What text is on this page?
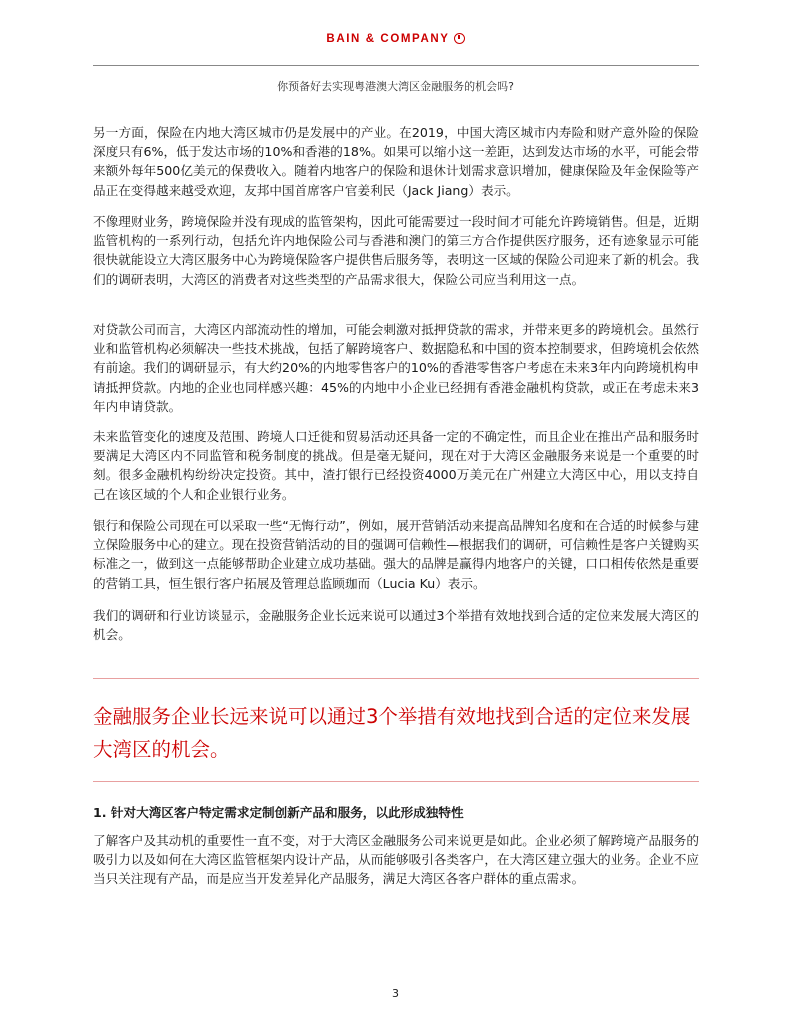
BAIN & COMPANY
你预备好去实现粤港澳大湾区金融服务的机会吗?

另一方面，保险在内地大湾区城市仍是发展中的产业。在2019，中国大湾区城市内寿险和财产意外险的保险深度只有6%，低于发达市场的10%和香港的18%。如果可以缩小这一差距，达到发达市场的水平，可能会带来额外每年500亿美元的保费收入。随着内地客户的保险和退休计划需求意识增加，健康保险及年金保险等产品正在变得越来越受欢迎，友邦中国首席客户官姜利民（Jack Jiang）表示。

不像理财业务，跨境保险并没有现成的监管架构，因此可能需要过一段时间才可能允许跨境销售。但是，近期监管机构的一系列行动，包括允许内地保险公司与香港和澳门的第三方合作提供医疗服务，还有迹象显示可能很快就能设立大湾区服务中心为跨境保险客户提供售后服务等，表明这一区域的保险公司迎来了新的机会。我们的调研表明，大湾区的消费者对这些类型的产品需求很大，保险公司应当利用这一点。

对贷款公司而言，大湾区内部流动性的增加，可能会刺激对抵押贷款的需求，并带来更多的跨境机会。虽然行业和监管机构必须解决一些技术挑战，包括了解跨境客户、数据隐私和中国的资本控制要求，但跨境机会依然有前途。我们的调研显示，有大约20%的内地零售客户的10%的香港零售客户考虑在未来3年内向跨境机构申请抵押贷款。内地的企业也同样感兴趣：45%的内地中小企业已经拥有香港金融机构贷款，或正在考虑未来3年内申请贷款。

未来监管变化的速度及范围、跨境人口迁徙和贸易活动还具备一定的不确定性，而且企业在推出产品和服务时要满足大湾区内不同监管和税务制度的挑战。但是毫无疑问，现在对于大湾区金融服务来说是一个重要的时刻。很多金融机构纷纷决定投资。其中，渣打银行已经投资4000万美元在广州建立大湾区中心，用以支持自己在该区域的个人和企业银行业务。

银行和保险公司现在可以采取一些“无悔行动”，例如，展开营销活动来提高品牌知名度和在合适的时候参与建立保险服务中心的建立。现在投资营销活动的目的强调可信赖性—根据我们的调研，可信赖性是客户关键购买标准之一，做到这一点能够帮助企业建立成功基础。强大的品牌是赢得内地客户的关键，口口相传依然是重要的营销工具，恒生银行客户拓展及管理总监顾珈而（Lucia Ku）表示。

我们的调研和行业访谈显示，金融服务企业长远来说可以通过3个举措有效地找到合适的定位来发展大湾区的机会。

金融服务企业长远来说可以通过3个举措有效地找到合适的定位来发展大湾区的机会。

1. 针对大湾区客户特定需求定制创新产品和服务，以此形成独特性

了解客户及其动机的重要性一直不变，对于大湾区金融服务公司来说更是如此。企业必须了解跨境产品服务的吸引力以及如何在大湾区监管框架内设计产品，从而能够吸引各类客户，在大湾区建立强大的业务。企业不应当只关注现有产品，而是应当开发差异化产品服务，满足大湾区各客户群体的重点需求。

3
